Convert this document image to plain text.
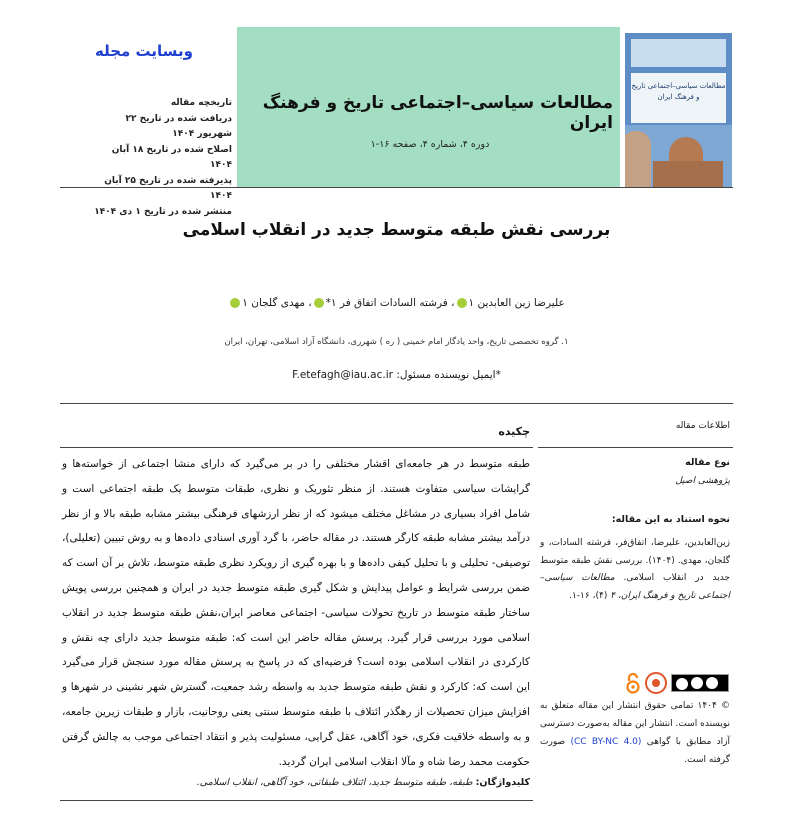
وبسایت مجله
تاریخچه مقاله
دریافت شده در تاریخ ۲۲ شهریور ۱۴۰۴
اصلاح شده در تاریخ ۱۸ آبان ۱۴۰۴
پذیرفته شده در تاریخ ۲۵ آبان ۱۴۰۴
منتشر شده در تاریخ ۱ دی ۱۴۰۴
مطالعات سیاسی–اجتماعی تاریخ و فرهنگ ایران
دوره ۴، شماره ۴، صفحه ۱۶-۱
مطالعات سیاسی–اجتماعی تاریخ و فرهنگ ایران
بررسی نقش طبقه متوسط جدید در انقلاب اسلامی
علیرضا زین العابدین ۱، فرشته السادات اتفاق فر ۱*، مهدی گلجان ۱
۱. گروه تخصصی تاریخ، واحد یادگار امام خمینی ( ره ) شهرری، دانشگاه آزاد اسلامی، تهران، ایران
*ایمیل نویسنده مسئول: F.etefagh@iau.ac.ir
اطلاعات مقاله
چکیده
نوع مقاله
پژوهشی اصیل
نحوه استناد به این مقاله:
زین‌العابدین، علیرضا، اتفاق‌فر، فرشته السادات، و گلجان، مهدی. (۱۴۰۴). بررسی نقش طبقه متوسط جدید در انقلاب اسلامی. مطالعات سیاسی–اجتماعی تاریخ و فرهنگ ایران، ۴ (۴)، ۱۶-۱.
© ۱۴۰۴ تمامی حقوق انتشار این مقاله متعلق به نویسنده است. انتشار این مقاله به‌صورت دسترسی آزاد مطابق با گواهی (CC BY-NC 4.0) صورت گرفته است.
طبقه متوسط در هر جامعه‌ای اقشار مختلفی را در بر می‌گیرد که دارای منشا اجتماعی از خواسته‌ها و گرایشات سیاسی متفاوت هستند. از منظر تئوریک و نظری، طبقات متوسط یک طبقه اجتماعی است و شامل افراد بسیاری در مشاغل مختلف میشود که از نظر ارزشهای فرهنگی بیشتر مشابه طبقه بالا و از نظر درآمد بیشتر مشابه طبقه کارگر هستند. در مقاله حاضر، با گرد آوری اسنادی داده‌ها و به روش تبیین (تعلیلی)، توصیفی- تحلیلی و با تحلیل کیفی داده‌ها و با بهره گیری از رویکرد نظری طبقه متوسط، تلاش بر آن است که ضمن بررسی شرایط و عوامل پیدایش و شکل گیری طبقه متوسط جدید در ایران و همچنین بررسی پویش ساختار طبقه متوسط در تاریخ تحولات سیاسی- اجتماعی معاصر ایران،نقش طبقه متوسط جدید در انقلاب اسلامی مورد بررسی قرار گیرد. پرسش مقاله حاضر این است که: طبقه متوسط جدید دارای چه نقش و کارکردی در انقلاب اسلامی بوده است؟ فرضیه‌ای که در پاسخ به پرسش مقاله مورد سنجش قرار می‌گیرد این است که: کارکرد و نقش طبقه متوسط جدید به واسطه رشد جمعیت، گسترش شهر نشینی در شهرها و افزایش میزان تحصیلات از رهگذر ائتلاف با طبقه متوسط سنتی یعنی روحانیت، بازار و طبقات زیرین جامعه، و به واسطه خلاقیت فکری، خود آگاهی، عقل گرایی، مسئولیت پذیر و انتقاد اجتماعی موجب به چالش گرفتن حکومت محمد رضا شاه و مآلا انقلاب اسلامی ایران گردید.
کلیدواژگان: طبقه، طبقه متوسط جدید، ائتلاف طبقاتی، خود آگاهی، انقلاب اسلامی.
